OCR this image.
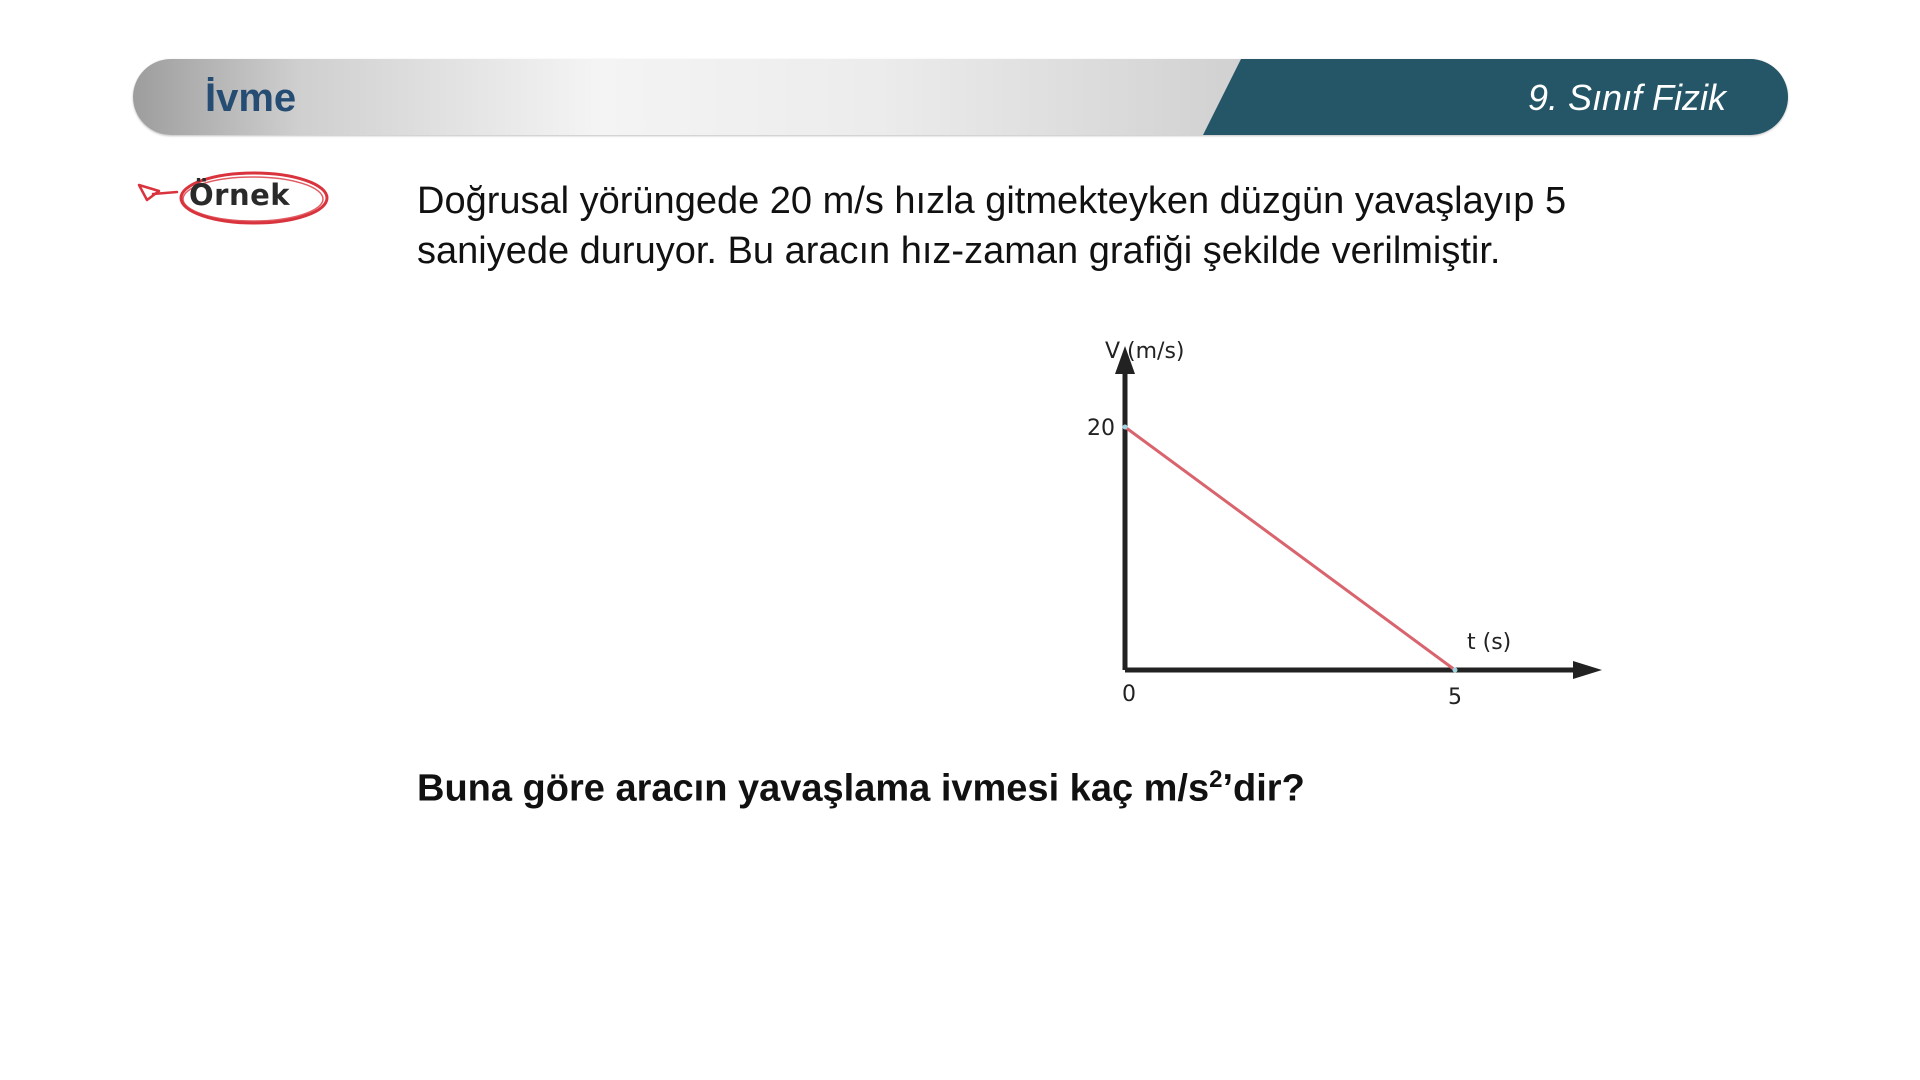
İvme	9. Sınıf Fizik
Örnek	Doğrusal yörüngede 20 m/s hızla gitmekteyken düzgün yavaşlayıp 5
saniyede duruyor. Bu aracın hız-zaman grafiği şekilde verilmiştir.

V (m/s)
t (s)
20
0	5

Buna göre aracın yavaşlama ivmesi kaç $m/s^2’dir$?
